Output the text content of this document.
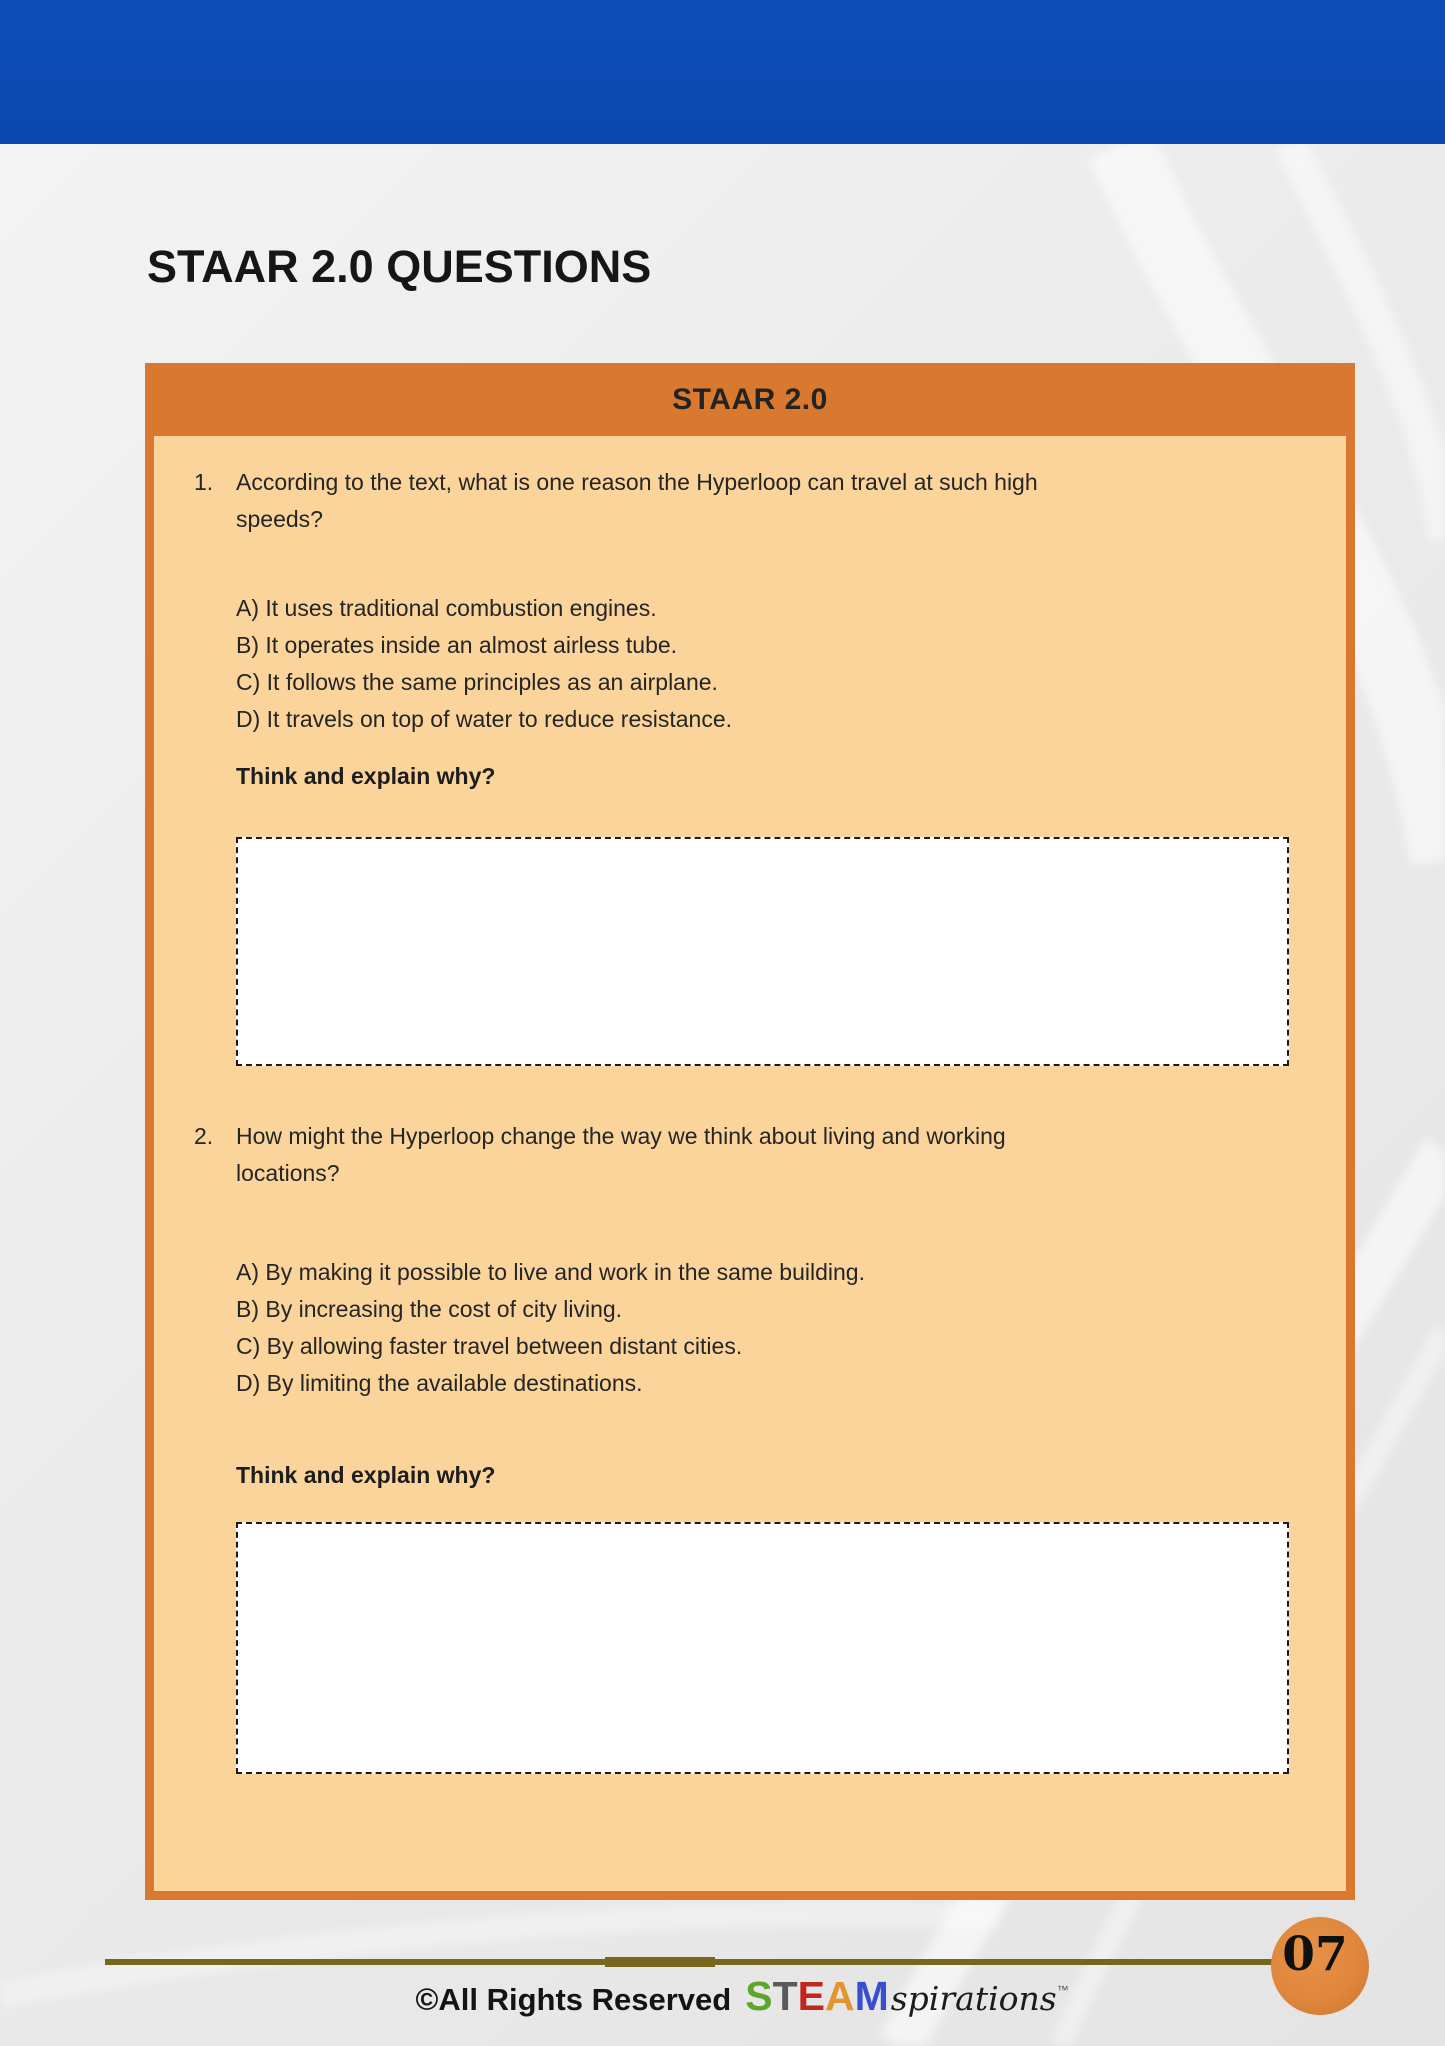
STAAR 2.0 QUESTIONS
STAAR 2.0
1. According to the text, what is one reason the Hyperloop can travel at such high
speeds?
A) It uses traditional combustion engines.
B) It operates inside an almost airless tube.
C) It follows the same principles as an airplane.
D) It travels on top of water to reduce resistance.
Think and explain why?
2. How might the Hyperloop change the way we think about living and working
locations?
A) By making it possible to live and work in the same building.
B) By increasing the cost of city living.
C) By allowing faster travel between distant cities.
D) By limiting the available destinations.
Think and explain why?
07
©All Rights Reserved S T E A M spirations ™
